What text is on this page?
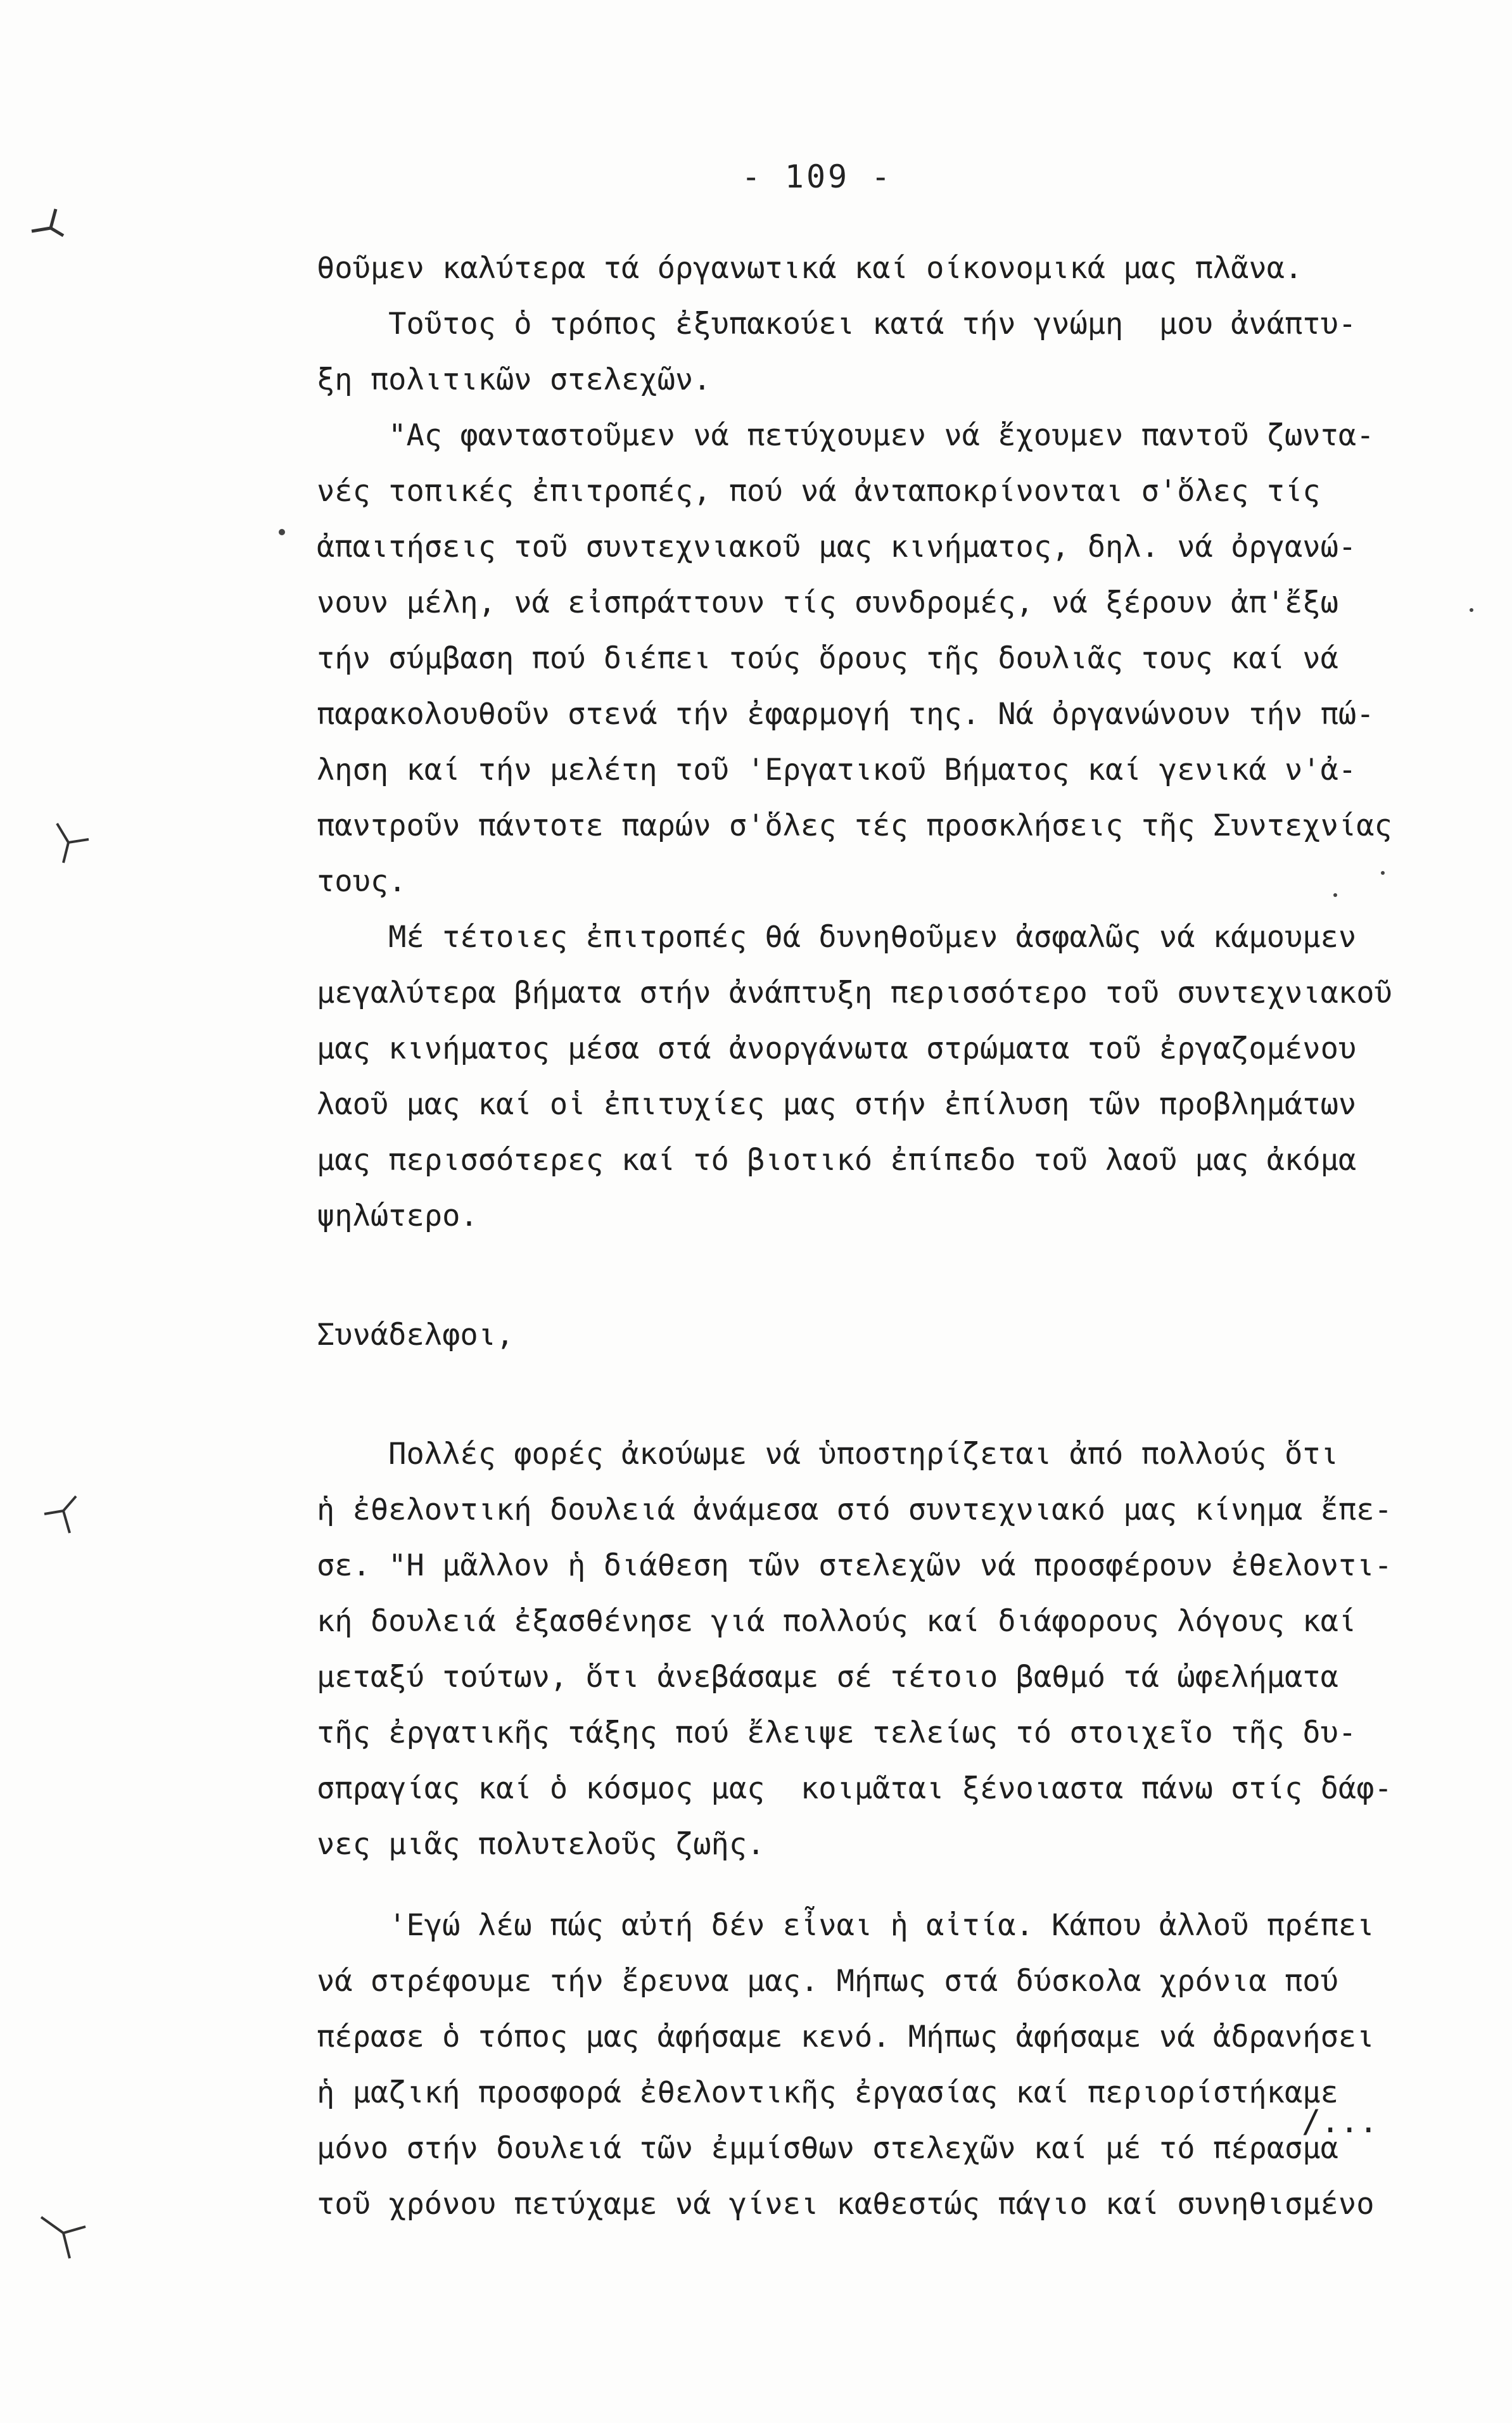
- 109 -
θοῦμεν καλύτερα τά όργανωτικά καί οίκονομικά μας πλᾶνα.
Τοῦτος ὁ τρόπος ἐξυπακούει κατά τήν γνώμη  μου ἀνάπτυ-
ξη πολιτικῶν στελεχῶν.
"Ας φανταστοῦμεν νά πετύχουμεν νά ἔχουμεν παντοῦ ζωντα-
νές τοπικές ἐπιτροπές, πού νά ἀνταποκρίνονται σ'ὅλες τίς
ἀπαιτήσεις τοῦ συντεχνιακοῦ μας κινήματος, δηλ. νά ὀργανώ-
νουν μέλη, νά εἰσπράττουν τίς συνδρομές, νά ξέρουν ἀπ'ἔξω
τήν σύμβαση πού διέπει τούς ὅρους τῆς δουλιᾶς τους καί νά
παρακολουθοῦν στενά τήν ἐφαρμογή της. Νά ὀργανώνουν τήν πώ-
ληση καί τήν μελέτη τοῦ 'Εργατικοῦ Βήματος καί γενικά ν'ἀ-
παντροῦν πάντοτε παρών σ'ὅλες τές προσκλήσεις τῆς Συντεχνίας
τους.
Μέ τέτοιες ἐπιτροπές θά δυνηθοῦμεν ἀσφαλῶς νά κάμουμεν
μεγαλύτερα βήματα στήν ἀνάπτυξη περισσότερο τοῦ συντεχνιακοῦ
μας κινήματος μέσα στά ἀνοργάνωτα στρώματα τοῦ ἐργαζομένου
λαοῦ μας καί οἱ ἐπιτυχίες μας στήν ἐπίλυση τῶν προβλημάτων
μας περισσότερες καί τό βιοτικό ἐπίπεδο τοῦ λαοῦ μας ἀκόμα
ψηλώτερο.
Συνάδελφοι,
Πολλές φορές ἀκούωμε νά ὑποστηρίζεται ἀπό πολλούς ὅτι
ἡ ἐθελοντική δουλειά ἀνάμεσα στό συντεχνιακό μας κίνημα ἔπε-
σε. "Η μᾶλλον ἡ διάθεση τῶν στελεχῶν νά προσφέρουν ἐθελοντι-
κή δουλειά ἐξασθένησε γιά πολλούς καί διάφορους λόγους καί
μεταξύ τούτων, ὅτι ἀνεβάσαμε σέ τέτοιο βαθμό τά ὠφελήματα
τῆς ἐργατικῆς τάξης πού ἔλειψε τελείως τό στοιχεῖο τῆς δυ-
σπραγίας καί ὁ κόσμος μας  κοιμᾶται ξένοιαστα πάνω στίς δάφ-
νες μιᾶς πολυτελοῦς ζωῆς.
'Εγώ λέω πώς αὐτή δέν εἶναι ἡ αἰτία. Κάπου ἀλλοῦ πρέπει
νά στρέφουμε τήν ἔρευνα μας. Μήπως στά δύσκολα χρόνια πού
πέρασε ὁ τόπος μας ἀφήσαμε κενό. Μήπως ἀφήσαμε νά ἀδρανήσει
ἡ μαζική προσφορά ἐθελοντικῆς ἐργασίας καί περιορίστήκαμε
μόνο στήν δουλειά τῶν ἐμμίσθων στελεχῶν καί μέ τό πέρασμα
τοῦ χρόνου πετύχαμε νά γίνει καθεστώς πάγιο καί συνηθισμένο
/...
